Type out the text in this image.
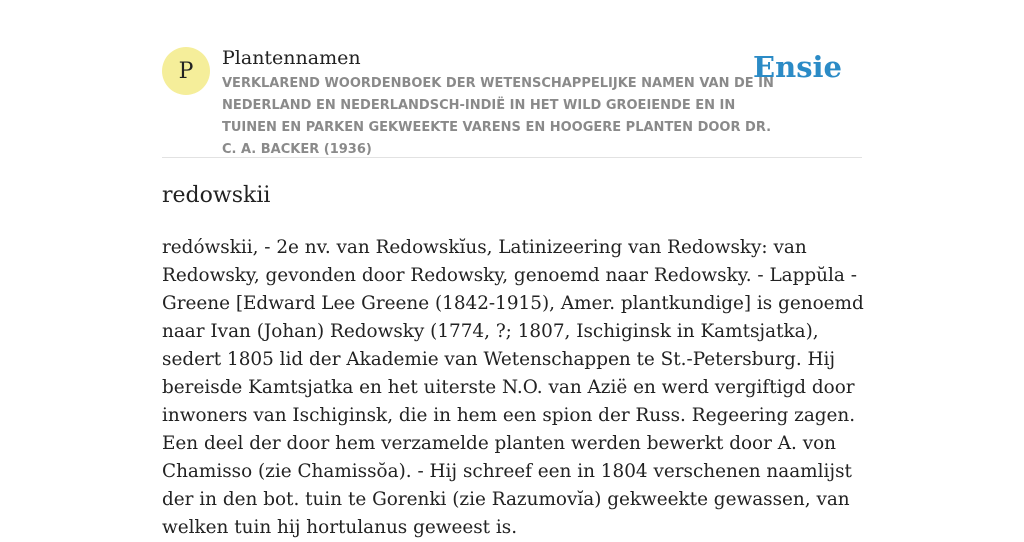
P
Plantennamen
VERKLAREND WOORDENBOEK DER WETENSCHAPPELIJKE NAMEN VAN DE IN NEDERLAND EN NEDERLANDSCH-INDIË IN HET WILD GROEIENDE EN IN TUINEN EN PARKEN GEKWEEKTE VARENS EN HOOGERE PLANTEN DOOR DR. C. A. BACKER (1936)
Ensie
redowskii

redówskii, - 2e nv. van Redowskĭus, Latinizeering van Redowsky: van Redowsky, gevonden door Redowsky, genoemd naar Redowsky. - Lappŭla - Greene [Edward Lee Greene (1842-1915), Amer. plantkundige] is genoemd naar Ivan (Johan) Redowsky (1774, ?; 1807, Ischiginsk in Kamtsjatka), sedert 1805 lid der Akademie van Wetenschappen te St.-Petersburg. Hij bereisde Kamtsjatka en het uiterste N.O. van Azië en werd vergiftigd door inwoners van Ischiginsk, die in hem een spion der Russ. Regeering zagen. Een deel der door hem verzamelde planten werden bewerkt door A. von Chamisso (zie Chamissŏa). - Hij schreef een in 1804 verschenen naamlijst der in den bot. tuin te Gorenki (zie Razumovĭa) gekweekte gewassen, van welken tuin hij hortulanus geweest is.
